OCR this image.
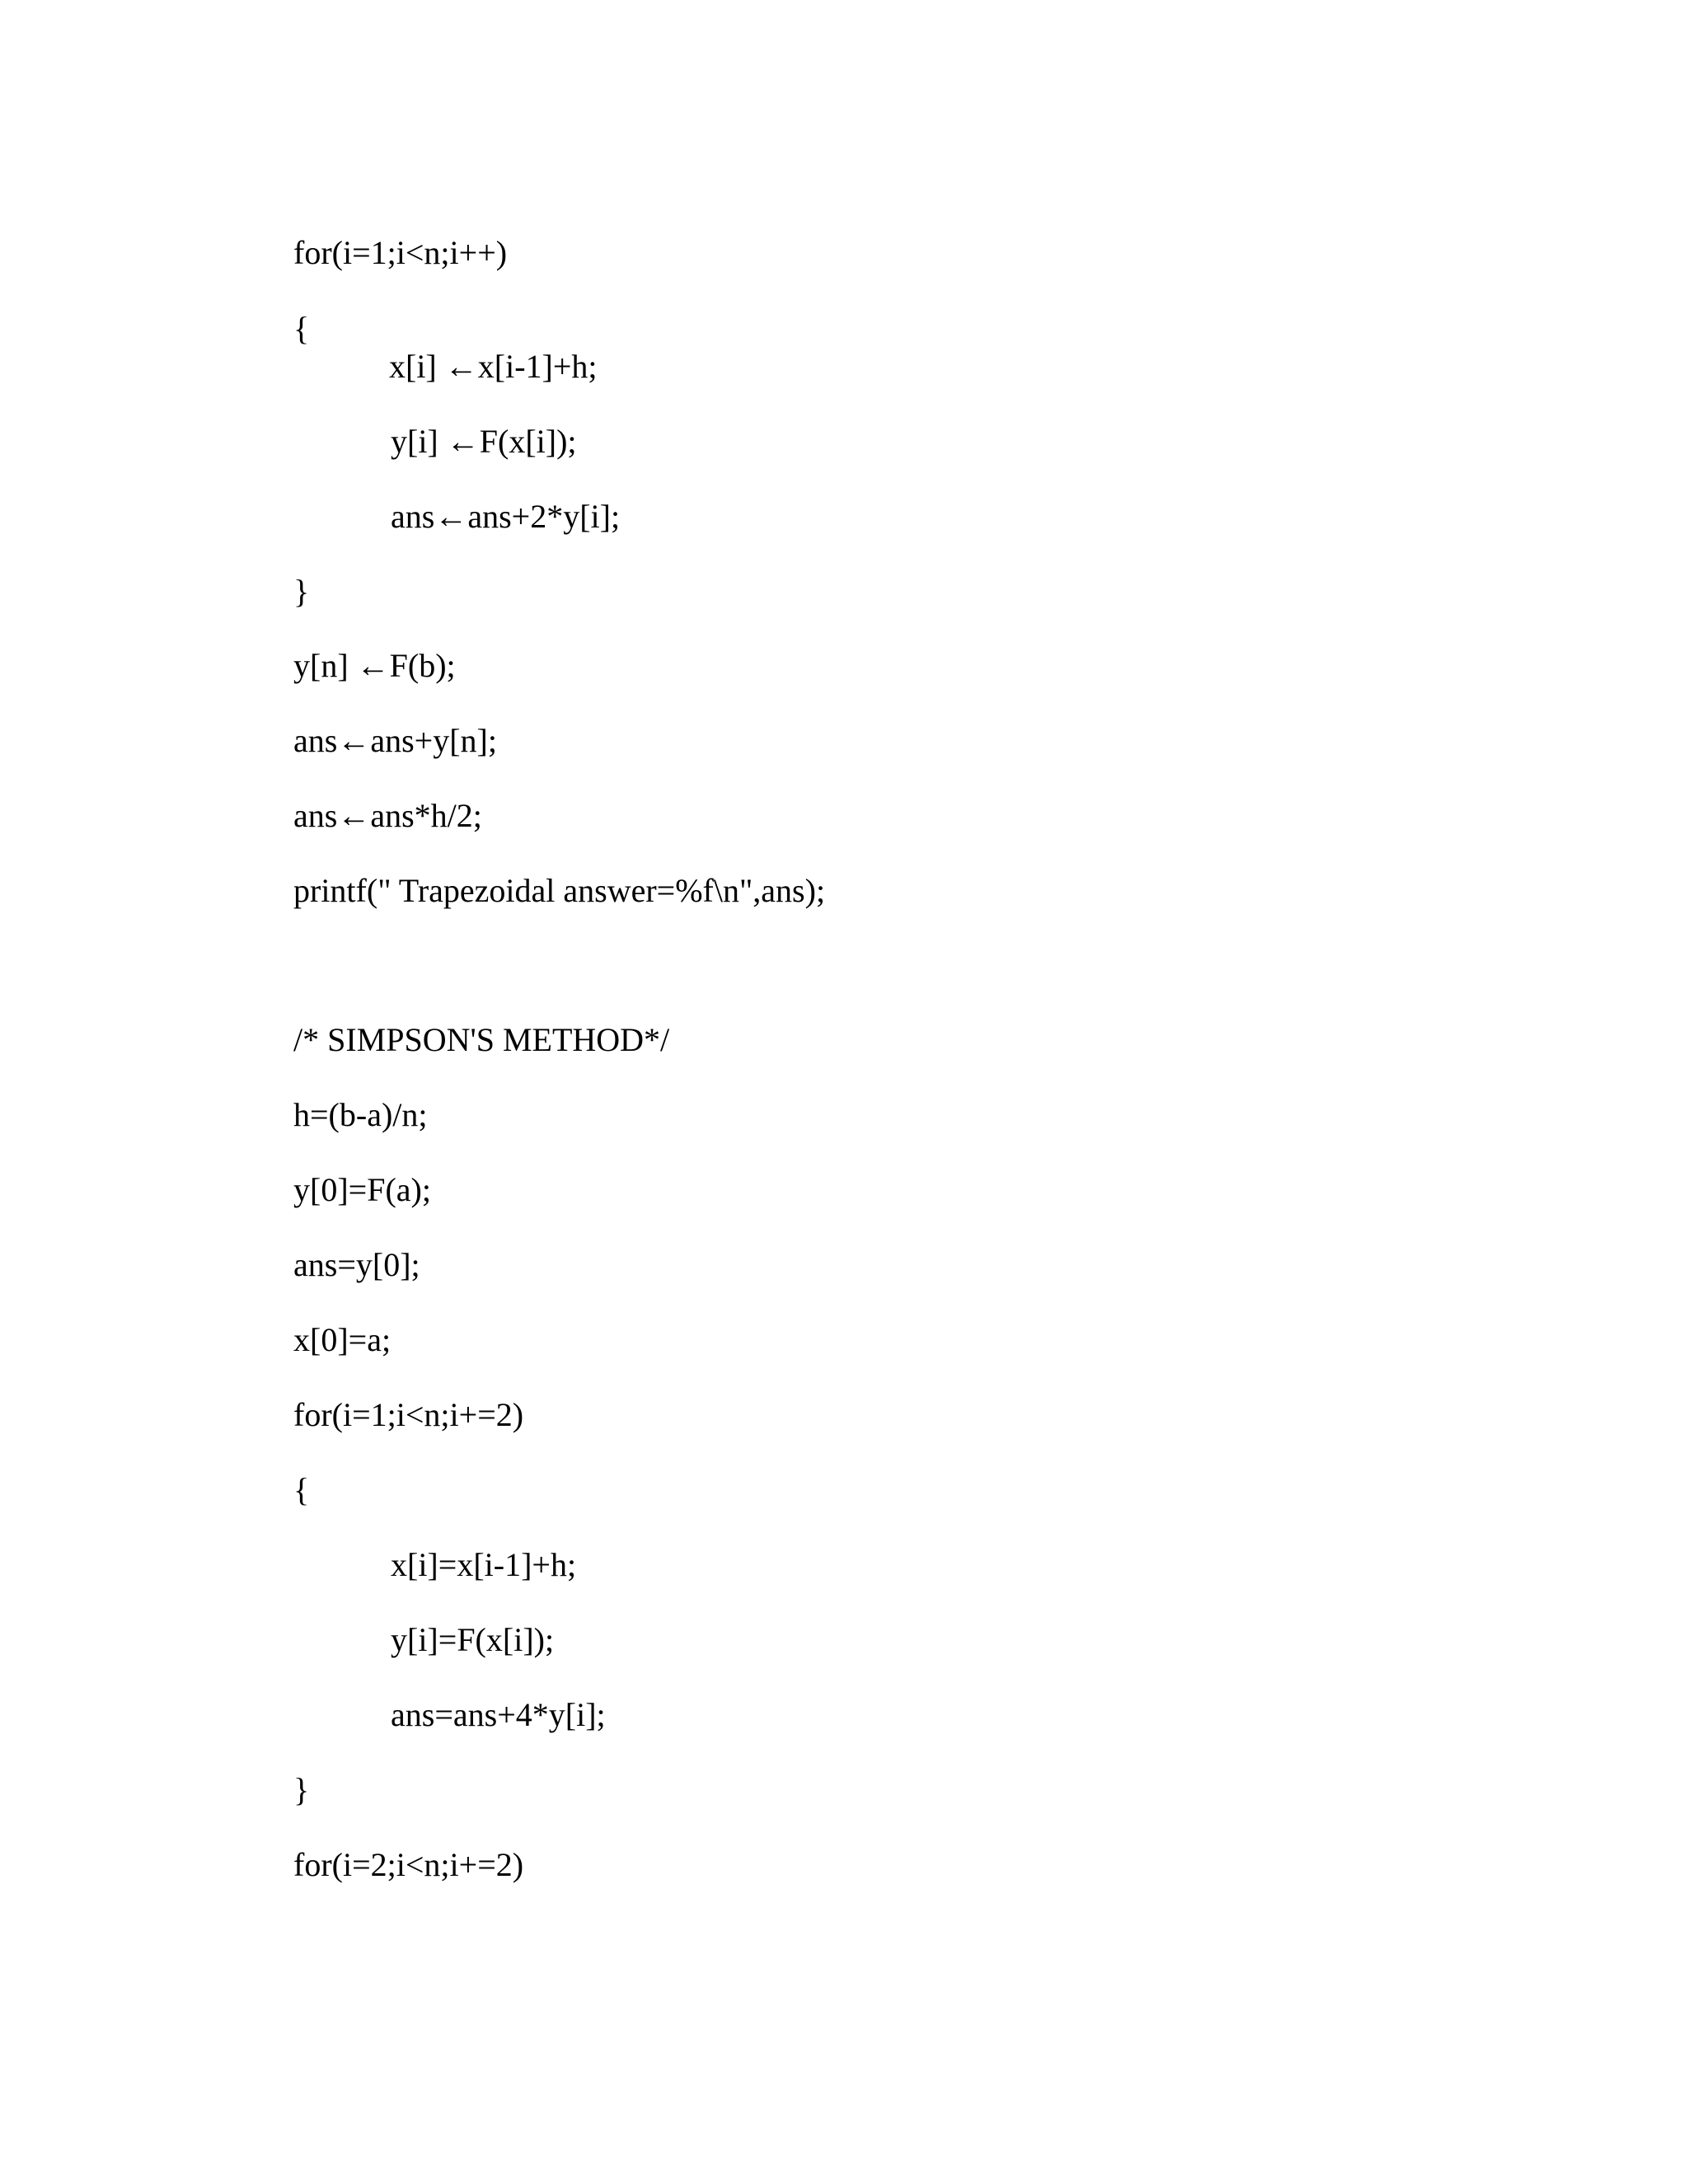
for(i=1;i<n;i++)
{
x[i] ←x[i-1]+h;
y[i] ←F(x[i]);
ans←ans+2*y[i];
}
y[n] ←F(b);
ans←ans+y[n];
ans←ans*h/2;
printf(" Trapezoidal answer=%f\n",ans);
/* SIMPSON'S METHOD*/
h=(b-a)/n;
y[0]=F(a);
ans=y[0];
x[0]=a;
for(i=1;i<n;i+=2)
{
x[i]=x[i-1]+h;
y[i]=F(x[i]);
ans=ans+4*y[i];
}
for(i=2;i<n;i+=2)
